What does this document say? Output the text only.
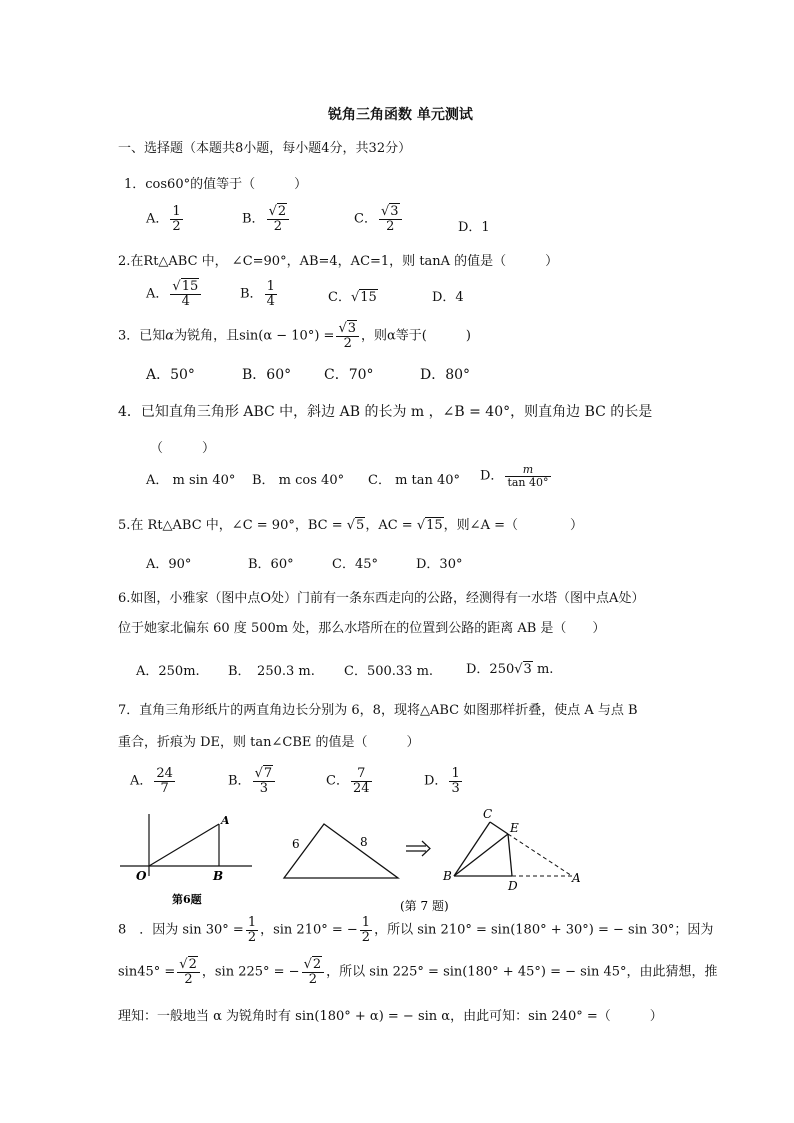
锐角三角函数 单元测试
一、选择题（本题共8小题，每小题4分，共32分）
1．cos60°的值等于（　　　）
A． $\frac{1}{2}$	B． $\frac{√2}{2}$	C． $\frac{√3}{2}$	D．1
2.在Rt△ABC 中， ∠C=90°，AB=4，AC=1，则 tanA 的值是（　　　）
A． $\frac{√15}{4}$	B． $\frac{1}{4}$	C．√15	D．4
3．已知α为锐角，且$\sin(\alpha - 10^\circ) = \frac{√3}{2}$ ，则α等于(　　　)
A．50°	B．60° C．70°	D．80°
4．已知直角三角形 ABC 中，斜边 AB 的长为 m ，∠B = 40°，则直角边 BC 的长是
（　　　）
A． m sin 40° B． m cos 40° C． m tan 40° D． $\frac{m}{\tan 40^\circ}$
5.在 Rt△ABC 中，∠C = 90°，BC = √5，AC = √15，则∠A =（　　　　）
A．90°	B．60°	C．45°	D．30°
6.如图，小雅家（图中点O处）门前有一条东西走向的公路，经测得有一水塔（图中点A处）
位于她家北偏东 60 度 500m 处，那么水塔所在的位置到公路的距离 AB 是（　　）
A．250m. B．　250.3 m. C．500.33 m.	D．250√3 m.
7．直角三角形纸片的两直角边长分别为 6，8，现将△ABC 如图那样折叠，使点 A 与点 B
重合，折痕为 DE，则 tan∠CBE 的值是（　　　）
A． $\frac{24}{7}$	B． $\frac{√7}{3}$	C． $\frac{7}{24}$	D． $\frac{1}{3}$
O
A
B
第6题
6	8
C
E
B
D
A
(第 7 题)
8　．因为 $\sin 30^\circ = \frac{1}{2}$ ，sin 210° = − $\frac{1}{2}$ ，所以 sin 210° = sin(180° + 30°) = − sin 30°；因为
$\sin 45^\circ = \frac{√2}{2}$ ，sin 225° = − $\frac{√2}{2}$ ，所以 sin 225° = sin(180° + 45°) = − sin 45°，由此猜想，推
理知：一般地当 α 为锐角时有 sin(180° + α) = − sin α，由此可知：sin 240° =（　　　）
